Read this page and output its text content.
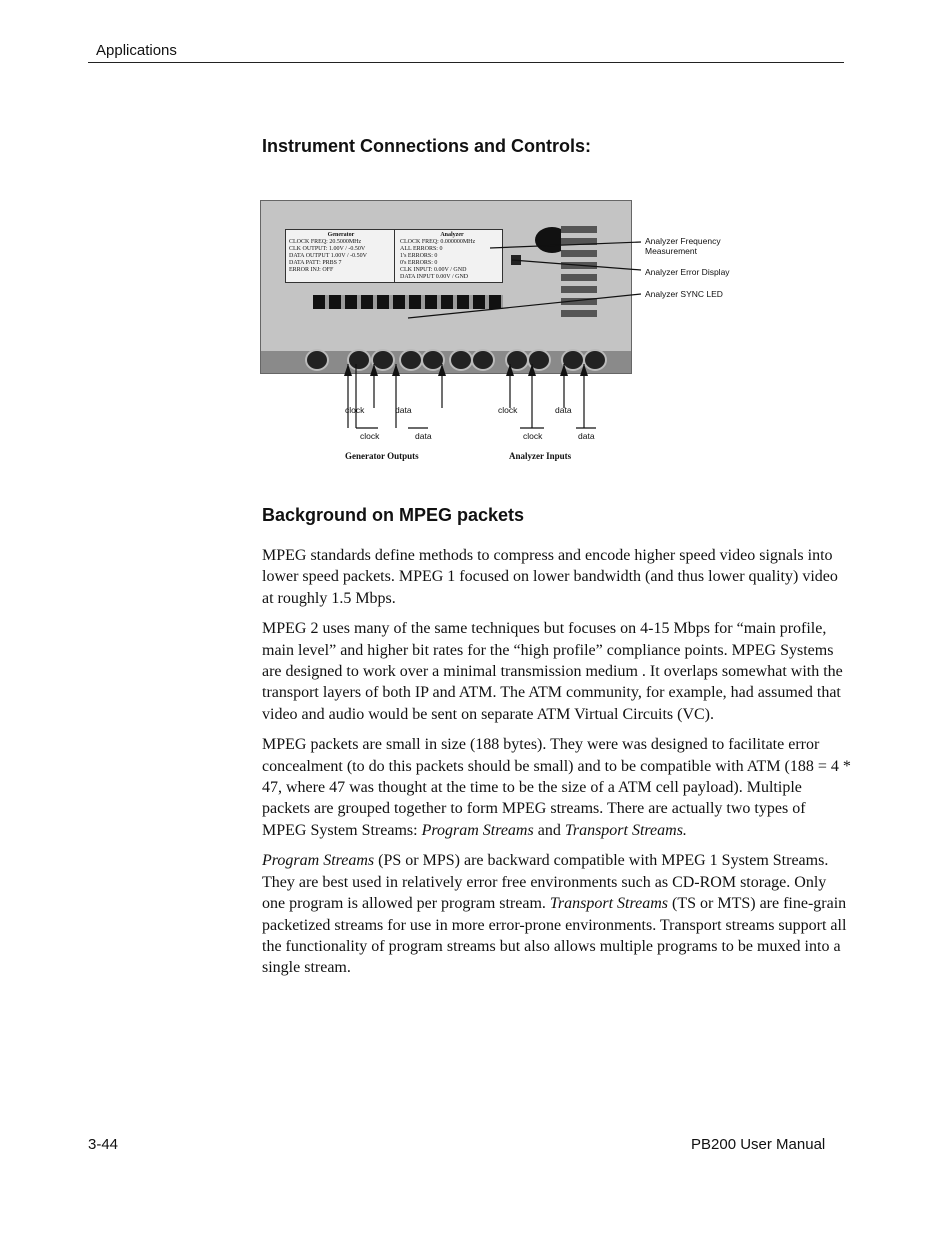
Applications
Instrument Connections and Controls:
Generator
CLOCK FREQ: 20.5000MHz
CLK OUTPUT: 1.00V / -0.50V
DATA OUTPUT 1.00V / -0.50V
DATA PATT: PRBS 7
ERROR INJ: OFF
Analyzer
CLOCK FREQ: 0.000000MHz
ALL ERRORS: 0
1's ERRORS: 0
0's ERRORS: 0
CLK INPUT: 0.00V / GND
DATA INPUT 0.00V / GND
Analyzer Frequency
Measurement
Analyzer Error Display
Analyzer SYNC LED
clock	data	clock	data
clock	data	clock	data
Generator Outputs	Analyzer Inputs
Background on MPEG packets

MPEG standards define methods to compress and encode higher speed video signals into lower speed packets. MPEG 1 focused on lower bandwidth (and thus lower quality) video at roughly 1.5 Mbps.

MPEG 2 uses many of the same techniques but focuses on 4-15 Mbps for “main profile, main level” and higher bit rates for the “high profile” compliance points. MPEG Systems are designed to work over a minimal transmission medium . It overlaps somewhat with the transport layers of both IP and ATM. The ATM community, for example, had assumed that video and audio would be sent on separate ATM Virtual Circuits (VC).

MPEG packets are small in size (188 bytes). They were was designed to facilitate error concealment (to do this packets should be small) and to be compatible with ATM (188 = 4 * 47, where 47 was thought at the time to be the size of a ATM cell payload). Multiple packets are grouped together to form MPEG streams. There are actually two types of MPEG System Streams: Program Streams and Transport Streams.

Program Streams (PS or MPS) are backward compatible with MPEG 1 System Streams. They are best used in relatively error free environments such as CD-ROM storage. Only one program is allowed per program stream. Transport Streams (TS or MTS) are fine-grain packetized streams for use in more error-prone environments. Transport streams support all the functionality of program streams but also allows multiple programs to be muxed into a single stream.

3-44	PB200 User Manual
